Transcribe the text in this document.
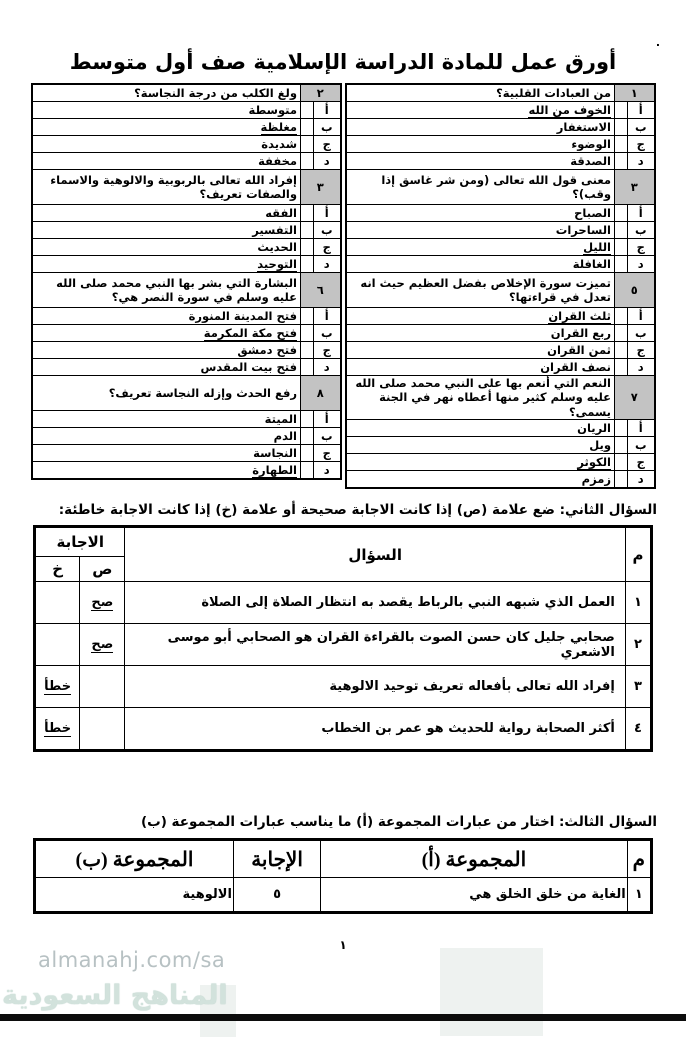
.
أورق عمل للمادة الدراسة الإسلامية صف أول متوسط
١		من العبادات القلبية؟
أ		الخوف من الله
ب		الاستغفار
ج		الوضوء
د		الصدقة
٣		معنى قول الله تعالى (ومن شر غاسق إذا وقب)؟
أ		الصباح
ب		الساحرات
ج		الليل
د		الغافلة
٥		تميزت سورة الإخلاص بفضل العظيم حيث انه تعدل في قراءتها؟
أ		ثلث القران
ب		ربع القران
ج		ثمن القران
د		نصف القران
٧		النعم التي أنعم بها على النبي محمد صلى الله عليه وسلم كثير منها أعطاه نهر في الجنة يسمى؟
أ		الريان
ب		ويل
ج		الكوثر
د		زمزم
٢		ولغ الكلب من درجة النجاسة؟
أ		متوسطة
ب		مغلظة
ج		شديدة
د		مخففة
٣		إفراد الله تعالى بالربوبية والالوهية والاسماء والصفات تعريف؟
أ		الفقه
ب		التفسير
ج		الحديث
د		التوحيد
٦		البشارة التي بشر بها النبي محمد صلى الله عليه وسلم في سورة النصر هي؟
أ		فتح المدينة المنورة
ب		فتح مكة المكرمة
ج		فتح دمشق
د		فتح بيت المقدس
٨		رفع الحدث وإزله النجاسة تعريف؟
أ		الميتة
ب		الدم
ج		النجاسة
د		الطهارة
السؤال الثاني: ضع علامة (ص) إذا كانت الاجابة صحيحة أو علامة (خ) إذا كانت الاجابة خاطئة:
م	السؤال	الاجابة	
		ص	خ
١	العمل الذي شبهه النبي بالرباط يقصد به انتظار الصلاة إلى الصلاة	صح	
٢	صحابي جليل كان حسن الصوت بالقراءة القران هو الصحابي أبو موسى الاشعري	صح	
٣	إفراد الله تعالى بأفعاله تعريف توحيد الالوهية		خطأ
٤	أكثر الصحابة رواية للحديث هو عمر بن الخطاب		خطأ
السؤال الثالث: اختار من عبارات المجموعة (أ) ما يناسب عبارات المجموعة (ب)
م	المجموعة (أ)	الإجابة	المجموعة (ب)
١	الغاية من خلق الخلق هي	٥	الالوهية
١
almanahj.com/sa
المناهج السعودية
